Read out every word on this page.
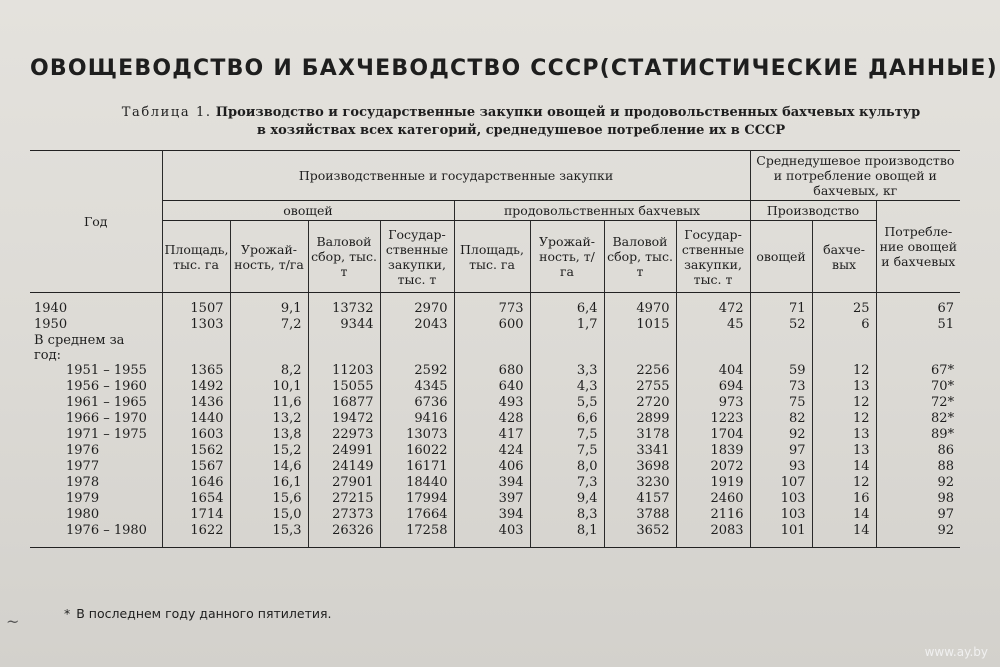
ОВОЩЕВОДСТВО И БАХЧЕВОДСТВО СССР(СТАТИСТИЧЕСКИЕ ДАННЫЕ)
Таблица 1. Производство и государственные закупки овощей и продовольственных бахчевых культур
в хозяйствах всех категорий, среднедушевое потребление их в СССР
Год	Производственные и государственные закупки								Среднедушевое производство и потребление овощей и бахчевых, кг		
	овощей				продовольственных бахчевых				Производство		Потребление овощей и бахчевых
	Площадь, тыс. га	Урожайность, т/га	Валовой сбор, тыс. т	Государственные закупки, тыс. т	Площадь, тыс. га	Урожайность, т/га	Валовой сбор, тыс. т	Государственные закупки, тыс. т	овощей	бахчевых	

1940	1507	9,1	13732	2970	773	6,4	4970	472	71	25	67
1950	1303	7,2	9344	2043	600	1,7	1015	45	52	6	51
В среднем за год:											
1951 – 1955	1365	8,2	11203	2592	680	3,3	2256	404	59	12	67*
1956 – 1960	1492	10,1	15055	4345	640	4,3	2755	694	73	13	70*
1961 – 1965	1436	11,6	16877	6736	493	5,5	2720	973	75	12	72*
1966 – 1970	1440	13,2	19472	9416	428	6,6	2899	1223	82	12	82*
1971 – 1975	1603	13,8	22973	13073	417	7,5	3178	1704	92	13	89*
1976	1562	15,2	24991	16022	424	7,5	3341	1839	97	13	86
1977	1567	14,6	24149	16171	406	8,0	3698	2072	93	14	88
1978	1646	16,1	27901	18440	394	7,3	3230	1919	107	12	92
1979	1654	15,6	27215	17994	397	9,4	4157	2460	103	16	98
1980	1714	15,0	27373	17664	394	8,3	3788	2116	103	14	97
1976 – 1980	1622	15,3	26326	17258	403	8,1	3652	2083	101	14	92
* В последнем году данного пятилетия.
~
www.ay.by
